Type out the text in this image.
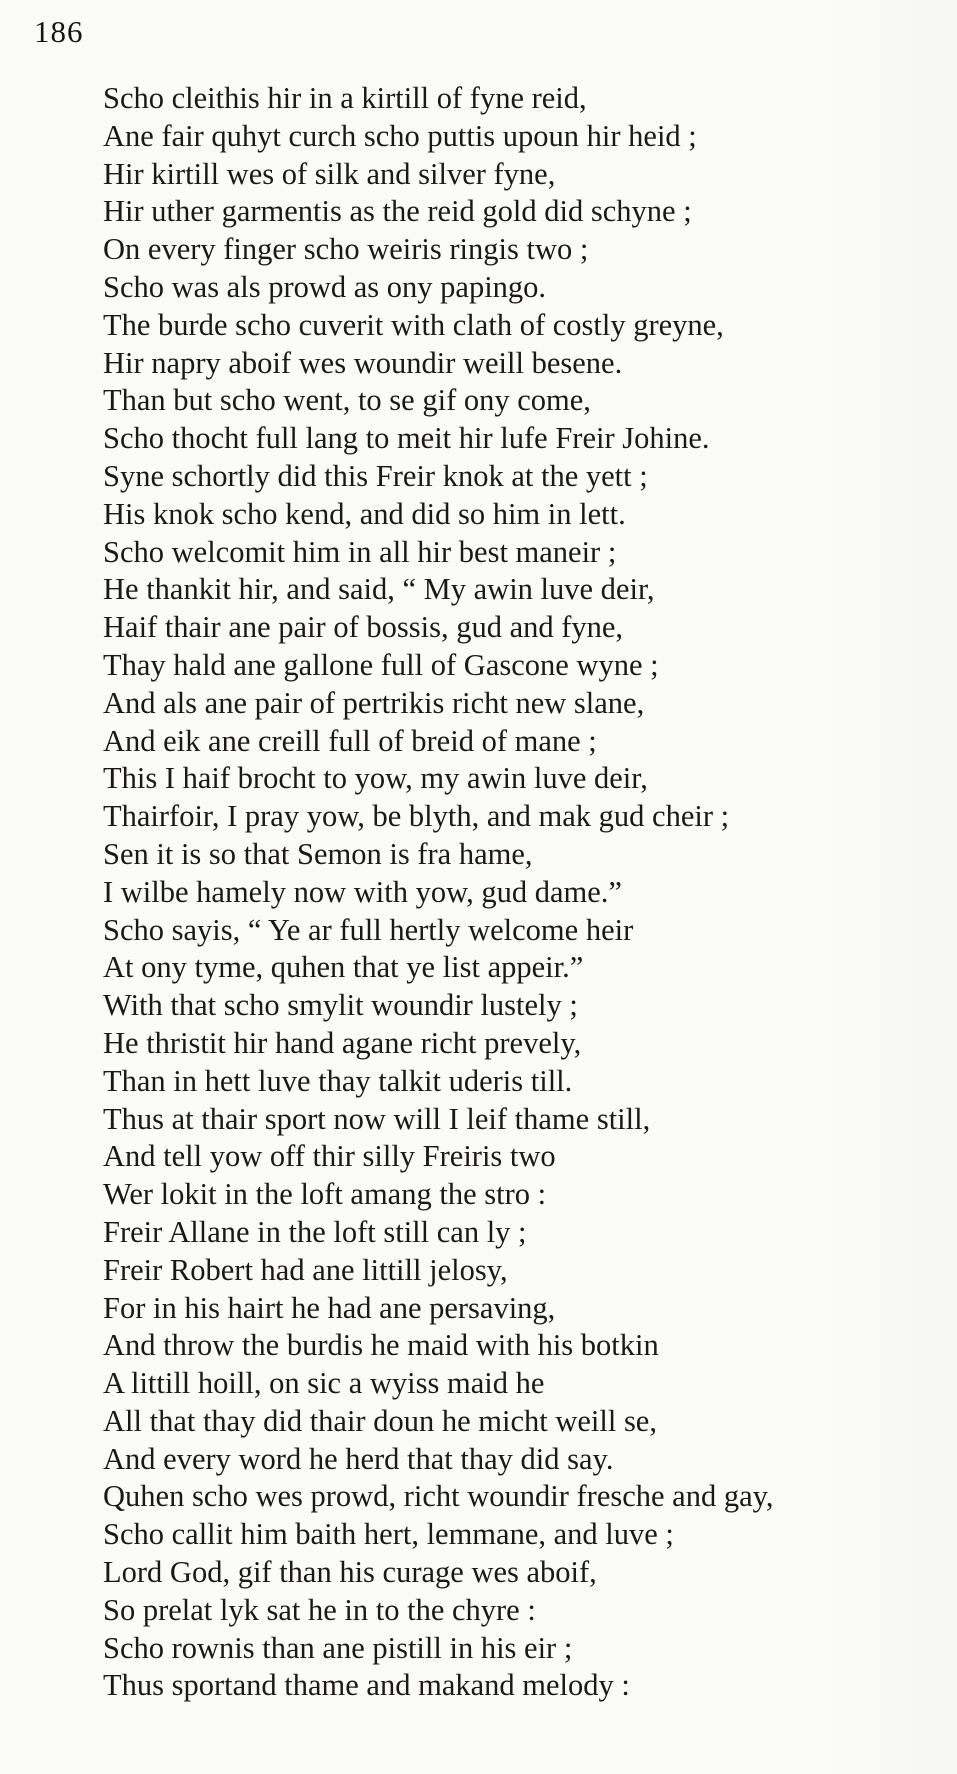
186
Scho cleithis hir in a kirtill of fyne reid,
Ane fair quhyt curch scho puttis upoun hir heid ;
Hir kirtill wes of silk and silver fyne,
Hir uther garmentis as the reid gold did schyne ;
On every finger scho weiris ringis two ;
Scho was als prowd as ony papingo.
The burde scho cuverit with clath of costly greyne,
Hir napry aboif wes woundir weill besene.
Than but scho went, to se gif ony come,
Scho thocht full lang to meit hir lufe Freir Johine.
Syne schortly did this Freir knok at the yett ;
His knok scho kend, and did so him in lett.
Scho welcomit him in all hir best maneir ;
He thankit hir, and said, “ My awin luve deir,
Haif thair ane pair of bossis, gud and fyne,
Thay hald ane gallone full of Gascone wyne ;
And als ane pair of pertrikis richt new slane,
And eik ane creill full of breid of mane ;
This I haif brocht to yow, my awin luve deir,
Thairfoir, I pray yow, be blyth, and mak gud cheir ;
Sen it is so that Semon is fra hame,
I wilbe hamely now with yow, gud dame.”
Scho sayis, “ Ye ar full hertly welcome heir
At ony tyme, quhen that ye list appeir.”
With that scho smylit woundir lustely ;
He thristit hir hand agane richt prevely,
Than in hett luve thay talkit uderis till.
Thus at thair sport now will I leif thame still,
And tell yow off thir silly Freiris two
Wer lokit in the loft amang the stro :
Freir Allane in the loft still can ly ;
Freir Robert had ane littill jelosy,
For in his hairt he had ane persaving,
And throw the burdis he maid with his botkin
A littill hoill, on sic a wyiss maid he
All that thay did thair doun he micht weill se,
And every word he herd that thay did say.
Quhen scho wes prowd, richt woundir fresche and gay,
Scho callit him baith hert, lemmane, and luve ;
Lord God, gif than his curage wes aboif,
So prelat lyk sat he in to the chyre :
Scho rownis than ane pistill in his eir ;
Thus sportand thame and makand melody :
